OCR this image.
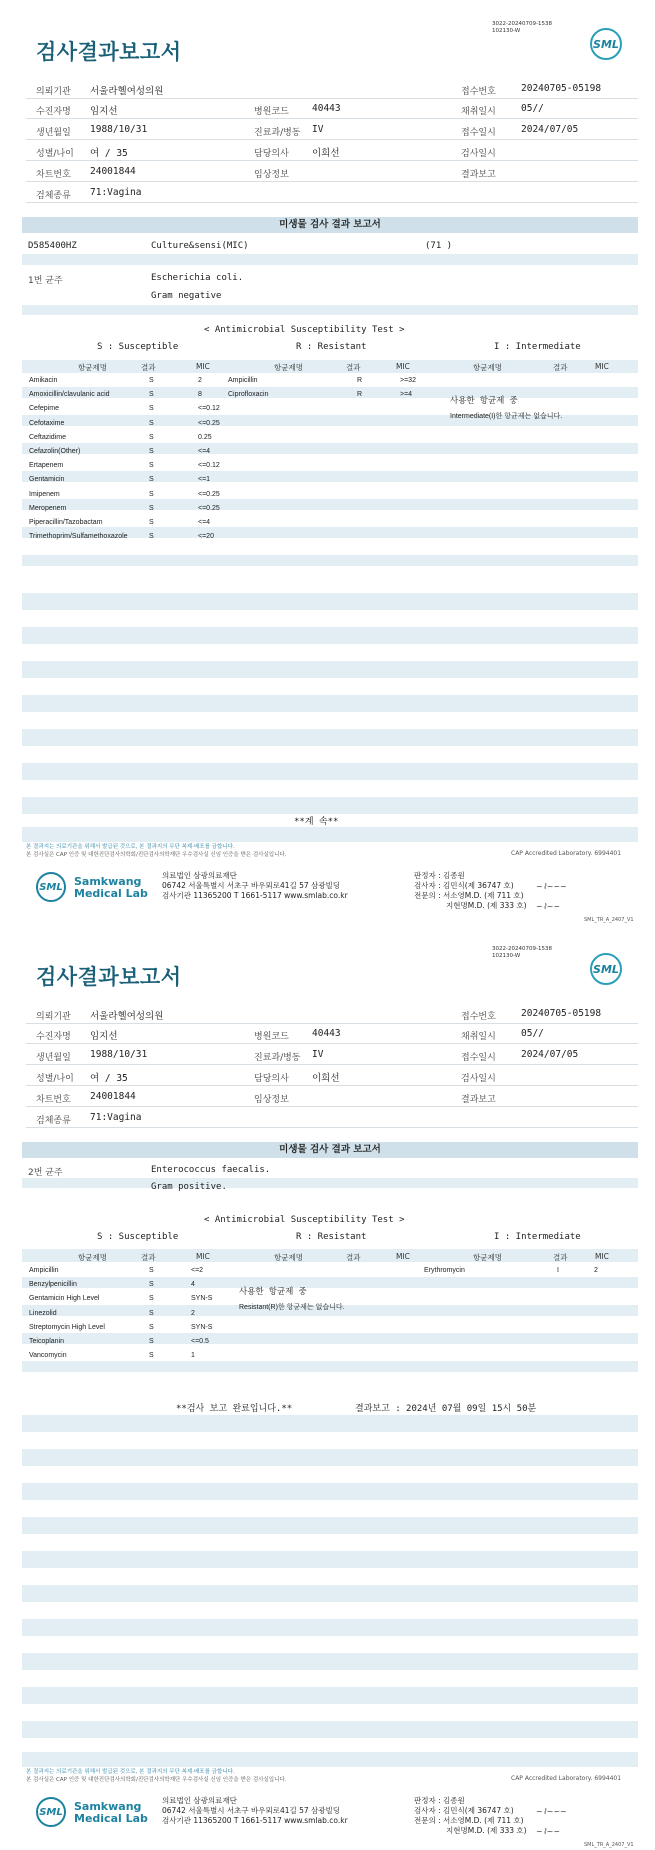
검사결과보고서
3022-20240709-1538
102130-W
SML
의뢰기관 서울라헬여성의원	접수번호	20240705-05198
수진자명 임지선	병원코드 40443	채취일시	05//
생년월일 1988/10/31	진료과/병동 IV	접수일시	2024/07/05
성별/나이 여 / 35	담당의사 이희선	검사일시
차트번호 24001844	임상정보	결과보고
검체종류 71:Vagina
미생물 검사 결과 보고서
D585400HZ	Culture&sensi(MIC)	(71 )
1번 균주	Escherichia coli.
Gram negative
< Antimicrobial Susceptibility Test >
S : Susceptible	R : Resistant	I : Intermediate
항균제명	결과	MIC	항균제명	결과	MIC	항균제명	결과	MIC
Amikacin	S	2
Amoxicillin/clavulanic acid	S	8
Cefepime	S	<=0.12
Cefotaxime	S	<=0.25
Ceftazidime	S	0.25
Cefazolin(Other)	S	<=4
Ertapenem	S	<=0.12
Gentamicin	S	<=1
Imipenem	S	<=0.25
Meropenem	S	<=0.25
Piperacillin/Tazobactam	S	<=4
Trimethoprim/Sulfamethoxazole	S	<=20
Ampicillin	R	>=32
Ciprofloxacin	R	>=4
사용한 항균제 중
Intermediate(I)한 항균제는 없습니다.
**계 속**
본 결과지는 의료기관을 위해서 발급된 것으로, 본 결과지의 무단 복제·배포를 금합니다.
본 검사실은 CAP 인증 및 대한진단검사의학회/진단검사의학재단 우수검사실 신임 인증을 받은 검사실입니다.	CAP Accredited Laboratory. 6994401
SML Samkwang
Medical Lab
의료법인 삼광의료재단
06742 서울특별시 서초구 바우뫼로41길 57 삼광빌딩
검사기관 11365200 T 1661-5117 www.smlab.co.kr
판정자 : 김종원
검사자 : 김민식(제 36747 호)
전문의 : 서소영M.D. (제 711 호)
지현명M.D. (제 333 호)
~⌇~∽~
∽⌇~∽
SML_TR_A_2407_V1
검사결과보고서
3022-20240709-1538
102130-W
SML
의뢰기관 서울라헬여성의원	접수번호	20240705-05198
수진자명 임지선	병원코드 40443	채취일시	05//
생년월일 1988/10/31	진료과/병동 IV	접수일시	2024/07/05
성별/나이 여 / 35	담당의사 이희선	검사일시
차트번호 24001844	임상정보	결과보고
검체종류 71:Vagina
미생물 검사 결과 보고서
2번 균주	Enterococcus faecalis.
Gram positive.
< Antimicrobial Susceptibility Test >
S : Susceptible	R : Resistant	I : Intermediate
항균제명	결과	MIC	항균제명	결과	MIC	항균제명	결과	MIC
Ampicillin	S	<=2
Benzylpenicillin	S	4
Gentamicin High Level	S	SYN-S
Linezolid	S	2
Streptomycin High Level	S	SYN-S
Teicoplanin	S	<=0.5
Vancomycin	S	1
Erythromycin	I	2
사용한 항균제 중
Resistant(R)한 항균제는 없습니다.
**검사 보고 완료입니다.**	결과보고 : 2024년 07월 09일 15시 50분
본 결과지는 의료기관을 위해서 발급된 것으로, 본 결과지의 무단 복제·배포를 금합니다.
본 검사실은 CAP 인증 및 대한진단검사의학회/진단검사의학재단 우수검사실 신임 인증을 받은 검사실입니다.	CAP Accredited Laboratory. 6994401
SML Samkwang
Medical Lab
의료법인 삼광의료재단
06742 서울특별시 서초구 바우뫼로41길 57 삼광빌딩
검사기관 11365200 T 1661-5117 www.smlab.co.kr
판정자 : 김종원
검사자 : 김민식(제 36747 호)
전문의 : 서소영M.D. (제 711 호)
지현명M.D. (제 333 호)
~⌇~∽~
∽⌇~∽
SML_TR_A_2407_V1
